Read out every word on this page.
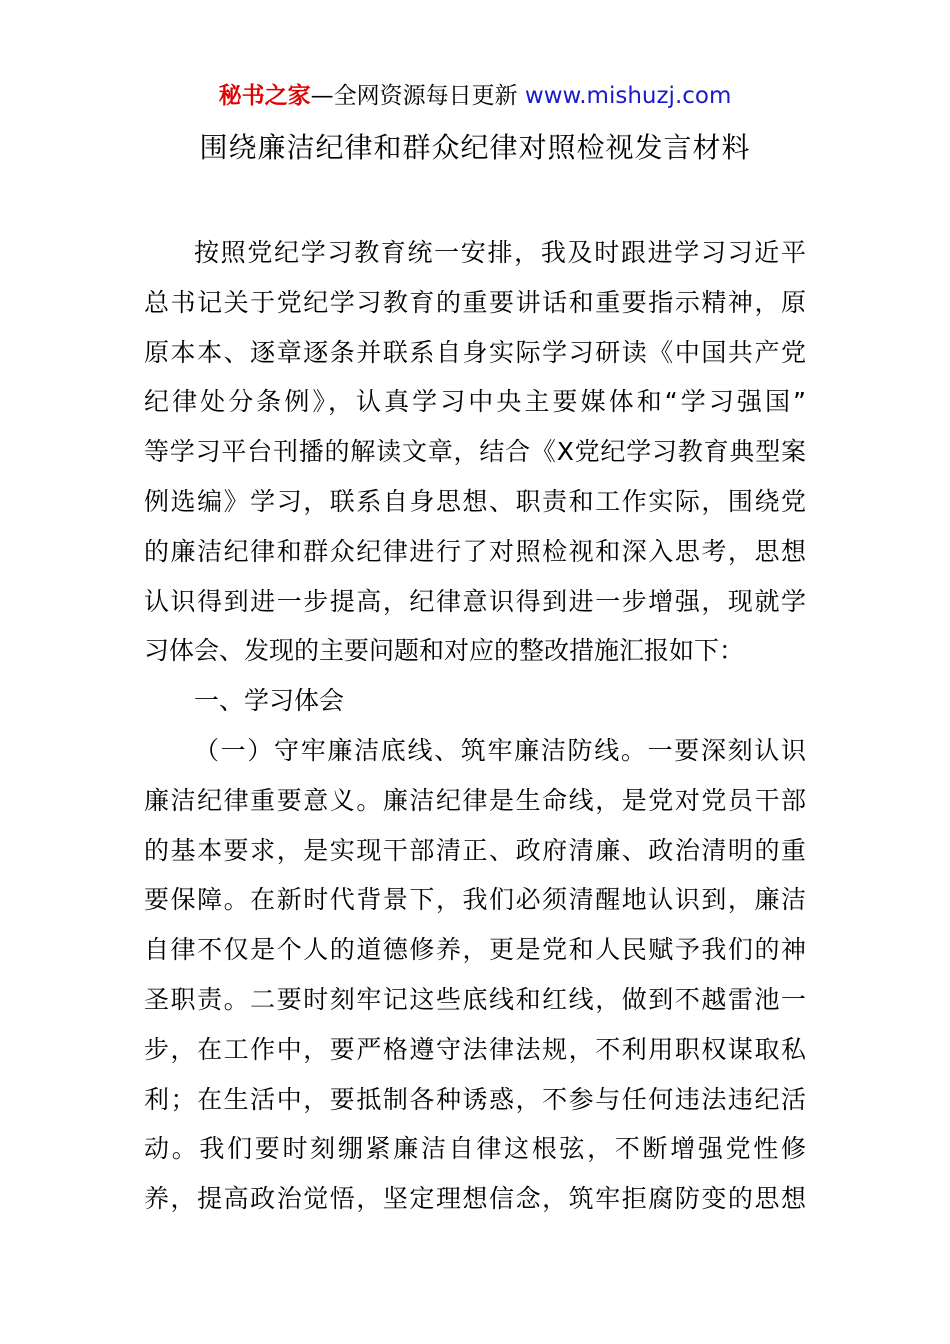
秘书之家—全网资源每日更新 www.mishuzj.com
围绕廉洁纪律和群众纪律对照检视发言材料
按照党纪学习教育统一安排，我及时跟进学习习近平
总书记关于党纪学习教育的重要讲话和重要指示精神，原
原本本、逐章逐条并联系自身实际学习研读《中国共产党
纪律处分条例》，认真学习中央主要媒体和“学习强国”
等学习平台刊播的解读文章，结合《X党纪学习教育典型案
例选编》学习，联系自身思想、职责和工作实际，围绕党
的廉洁纪律和群众纪律进行了对照检视和深入思考，思想
认识得到进一步提高，纪律意识得到进一步增强，现就学
习体会、发现的主要问题和对应的整改措施汇报如下：
一、学习体会
（一）守牢廉洁底线、筑牢廉洁防线。一要深刻认识
廉洁纪律重要意义。廉洁纪律是生命线，是党对党员干部
的基本要求，是实现干部清正、政府清廉、政治清明的重
要保障。在新时代背景下，我们必须清醒地认识到，廉洁
自律不仅是个人的道德修养，更是党和人民赋予我们的神
圣职责。二要时刻牢记这些底线和红线，做到不越雷池一
步，在工作中，要严格遵守法律法规，不利用职权谋取私
利；在生活中，要抵制各种诱惑，不参与任何违法违纪活
动。我们要时刻绷紧廉洁自律这根弦，不断增强党性修
养，提高政治觉悟，坚定理想信念，筑牢拒腐防变的思想
